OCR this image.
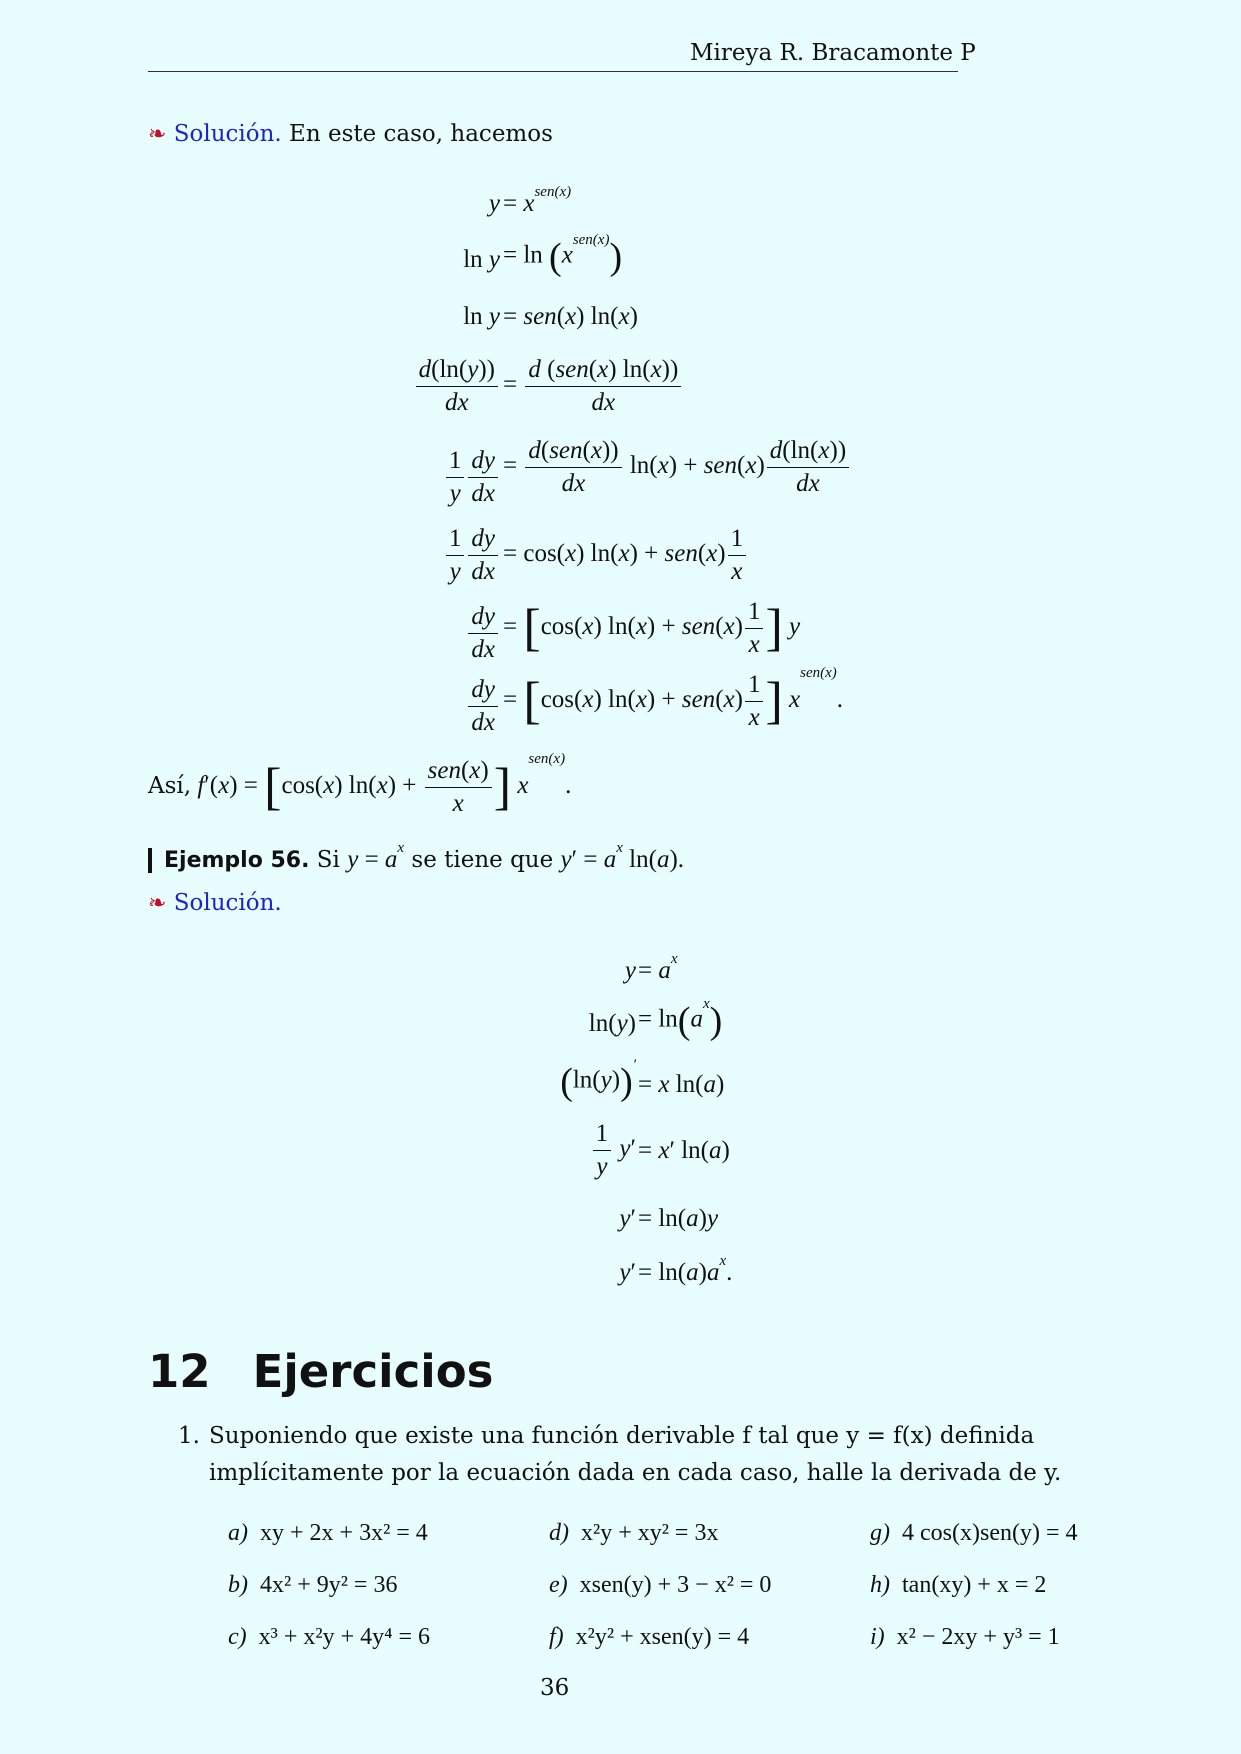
Mireya R. Bracamonte P
❧ Solución. En este caso, hacemos
$y = x^{sen(x)}$
$\ln y = \ln (x^{sen(x)})$
ln y = sen(x) ln(x)
$\frac{d(\ln(y))}{dx} = \frac{\text{d (sen(x) ln(x))}}{dx}$
$\frac{1}{y} \frac{dy}{dx} = \frac{\text{d(sen(x))}}{dx} \ln(x) + sen(x) \frac{d(\ln(x))}{dx}$
$\frac{1}{y} \frac{dy}{dx} = \cos(x) \ln(x) + sen(x) \frac{1}{x}$
$\frac{dy}{dx} = [\cos(x) \ln(x) + sen(x) \frac{1}{x}$ ] y
$\frac{dy}{dx} = [\cos(x) \ln(x) + sen(x) \frac{1}{x}$ ] $x^{sen(x)}$.
Así, f′(x) = [cos(x) $\ln(x) + \frac{\text{sen(x)}}{x}$ ] $x^{sen(x)}$.
Ejemplo 56. Si $y = a^x$ se tiene que $y' = a^x$ ln(a).
❧ Solución.
$y = a^x$
$\ln(y) = \ln(a^x)$
(ln(y))′
= x ln(a)
$\frac{1}{y} y' = x'$ ln(a)
y′ = ln(a)y
$y' = \ln(a)a^x$.
12 Ejercicios
1. Suponiendo que existe una función derivable f tal que y = f(x) definida implícitamente por la ecuación dada en cada caso, halle la derivada de y.
a) xy + 2x + 3x² = 4
b) 4x² + 9y² = 36
c) x³ + x²y + 4y⁴ = 6
d) x²y + xy² = 3x
e) xsen(y) + 3 − x² = 0
f) x²y² + xsen(y) = 4
g) 4 cos(x)sen(y) = 4
h) tan(xy) + x = 2
i) x² − 2xy + y³ = 1
36
